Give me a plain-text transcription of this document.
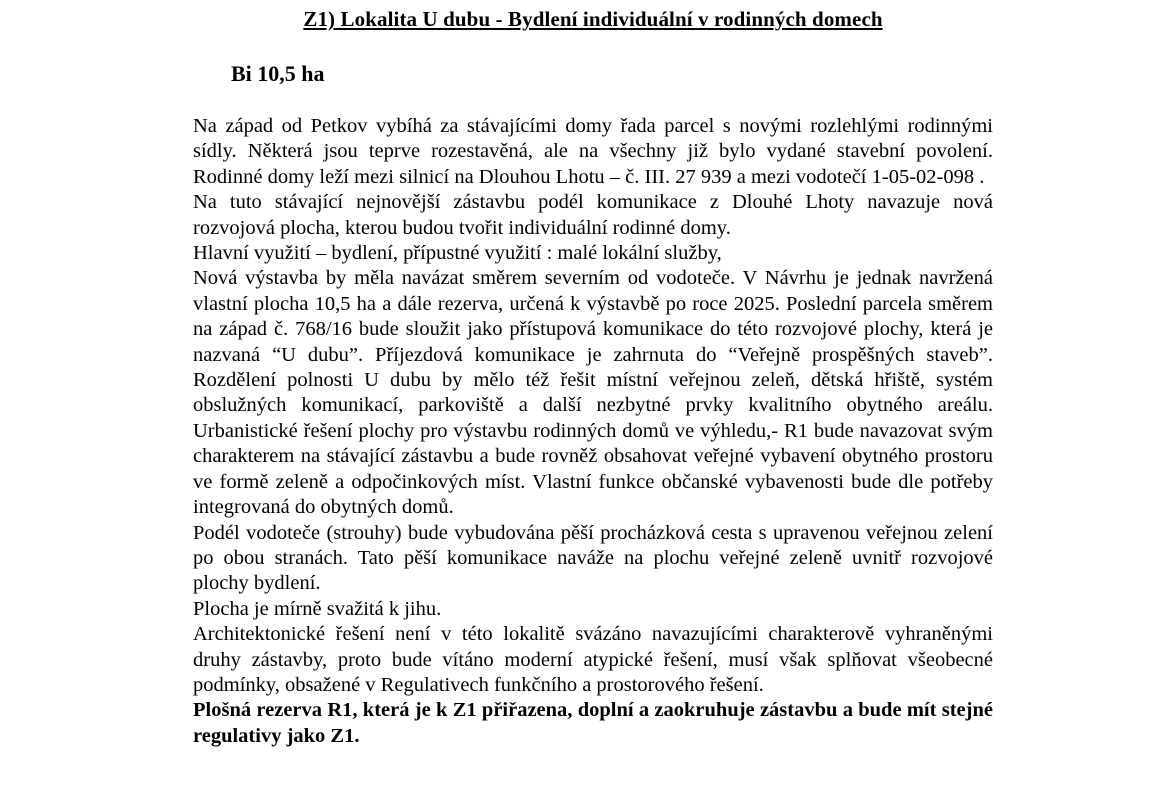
Z1) Lokalita U dubu - Bydlení individuální v rodinných domech
Bi 10,5 ha

Na západ od Petkov vybíhá za stávajícími domy řada parcel s novými rozlehlými rodinnými sídly. Některá jsou teprve rozestavěná, ale na všechny již bylo vydané stavební povolení. Rodinné domy leží mezi silnicí na Dlouhou Lhotu – č. III. 27 939 a mezi vodotečí 1-05-02-098 .

Na tuto stávající nejnovější zástavbu podél komunikace z Dlouhé Lhoty navazuje nová rozvojová plocha, kterou budou tvořit individuální rodinné domy.

Hlavní využití – bydlení, přípustné využití : malé lokální služby,

Nová výstavba by měla navázat směrem severním od vodoteče. V Návrhu je jednak navržená vlastní plocha 10,5 ha a dále rezerva, určená k výstavbě po roce 2025. Poslední parcela směrem na západ č. 768/16 bude sloužit jako přístupová komunikace do této rozvojové plochy, která je nazvaná “U dubu”. Příjezdová komunikace je zahrnuta do “Veřejně prospěšných staveb”. Rozdělení polnosti U dubu by mělo též řešit místní veřejnou zeleň, dětská hřiště, systém obslužných komunikací, parkoviště a další nezbytné prvky kvalitního obytného areálu. Urbanistické řešení plochy pro výstavbu rodinných domů ve výhledu,- R1 bude navazovat svým charakterem na stávající zástavbu a bude rovněž obsahovat veřejné vybavení obytného prostoru ve formě zeleně a odpočinkových míst. Vlastní funkce občanské vybavenosti bude dle potřeby integrovaná do obytných domů.

Podél vodoteče (strouhy) bude vybudována pěší procházková cesta s upravenou veřejnou zelení po obou stranách. Tato pěší komunikace naváže na plochu veřejné zeleně uvnitř rozvojové plochy bydlení.

Plocha je mírně svažitá k jihu.

Architektonické řešení není v této lokalitě svázáno navazujícími charakterově vyhraněnými druhy zástavby, proto bude vítáno moderní atypické řešení, musí však splňovat všeobecné podmínky, obsažené v Regulativech funkčního a prostorového řešení.

Plošná rezerva R1, která je k Z1 přiřazena, doplní a zaokruhuje zástavbu a bude mít stejné regulativy jako Z1.
